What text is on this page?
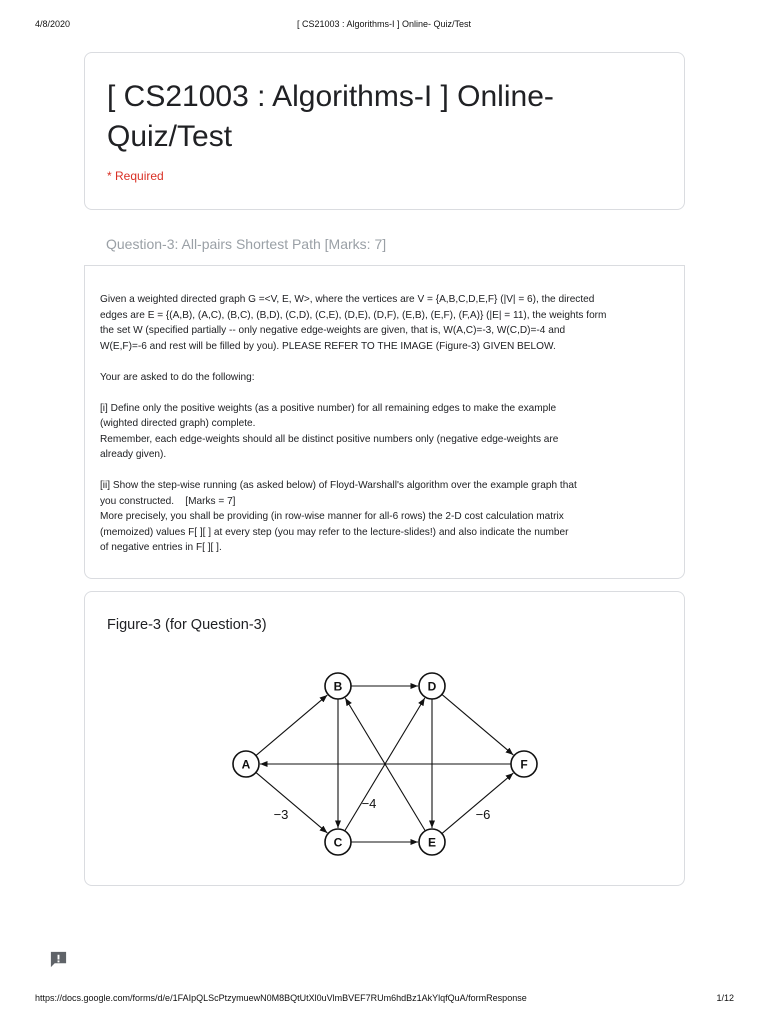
4/8/2020	[ CS21003 : Algorithms-I ] Online- Quiz/Test
[ CS21003 : Algorithms-I ] Online-Quiz/Test
* Required
Question-3: All-pairs Shortest Path [Marks: 7]
Given a weighted directed graph G =<V, E, W>, where the vertices are V = {A,B,C,D,E,F} (|V| = 6), the directed
edges are E = {(A,B), (A,C), (B,C), (B,D), (C,D), (C,E), (D,E), (D,F), (E,B), (E,F), (F,A)} (|E| = 11), the weights form
the set W (specified partially -- only negative edge-weights are given, that is, W(A,C)=-3, W(C,D)=-4 and
W(E,F)=-6 and rest will be filled by you). PLEASE REFER TO THE IMAGE (Figure-3) GIVEN BELOW.

Your are asked to do the following:

[i] Define only the positive weights (as a positive number) for all remaining edges to make the example
(wighted directed graph) complete.
Remember, each edge-weights should all be distinct positive numbers only (negative edge-weights are
already given).

[ii] Show the step-wise running (as asked below) of Floyd-Warshall's algorithm over the example graph that
you constructed.    [Marks = 7]
More precisely, you shall be providing (in row-wise manner for all-6 rows) the 2-D cost calculation matrix
(memoized) values F[ ][ ] at every step (you may refer to the lecture-slides!) and also indicate the number
of negative entries in F[ ][ ].
Figure-3 (for Question-3)
−3
−4
−6
A
B
C
D
E
F
https://docs.google.com/forms/d/e/1FAIpQLScPtzymuewN0M8BQtUtXl0uVlmBVEF7RUm6hdBz1AkYlqfQuA/formResponse	1/12
